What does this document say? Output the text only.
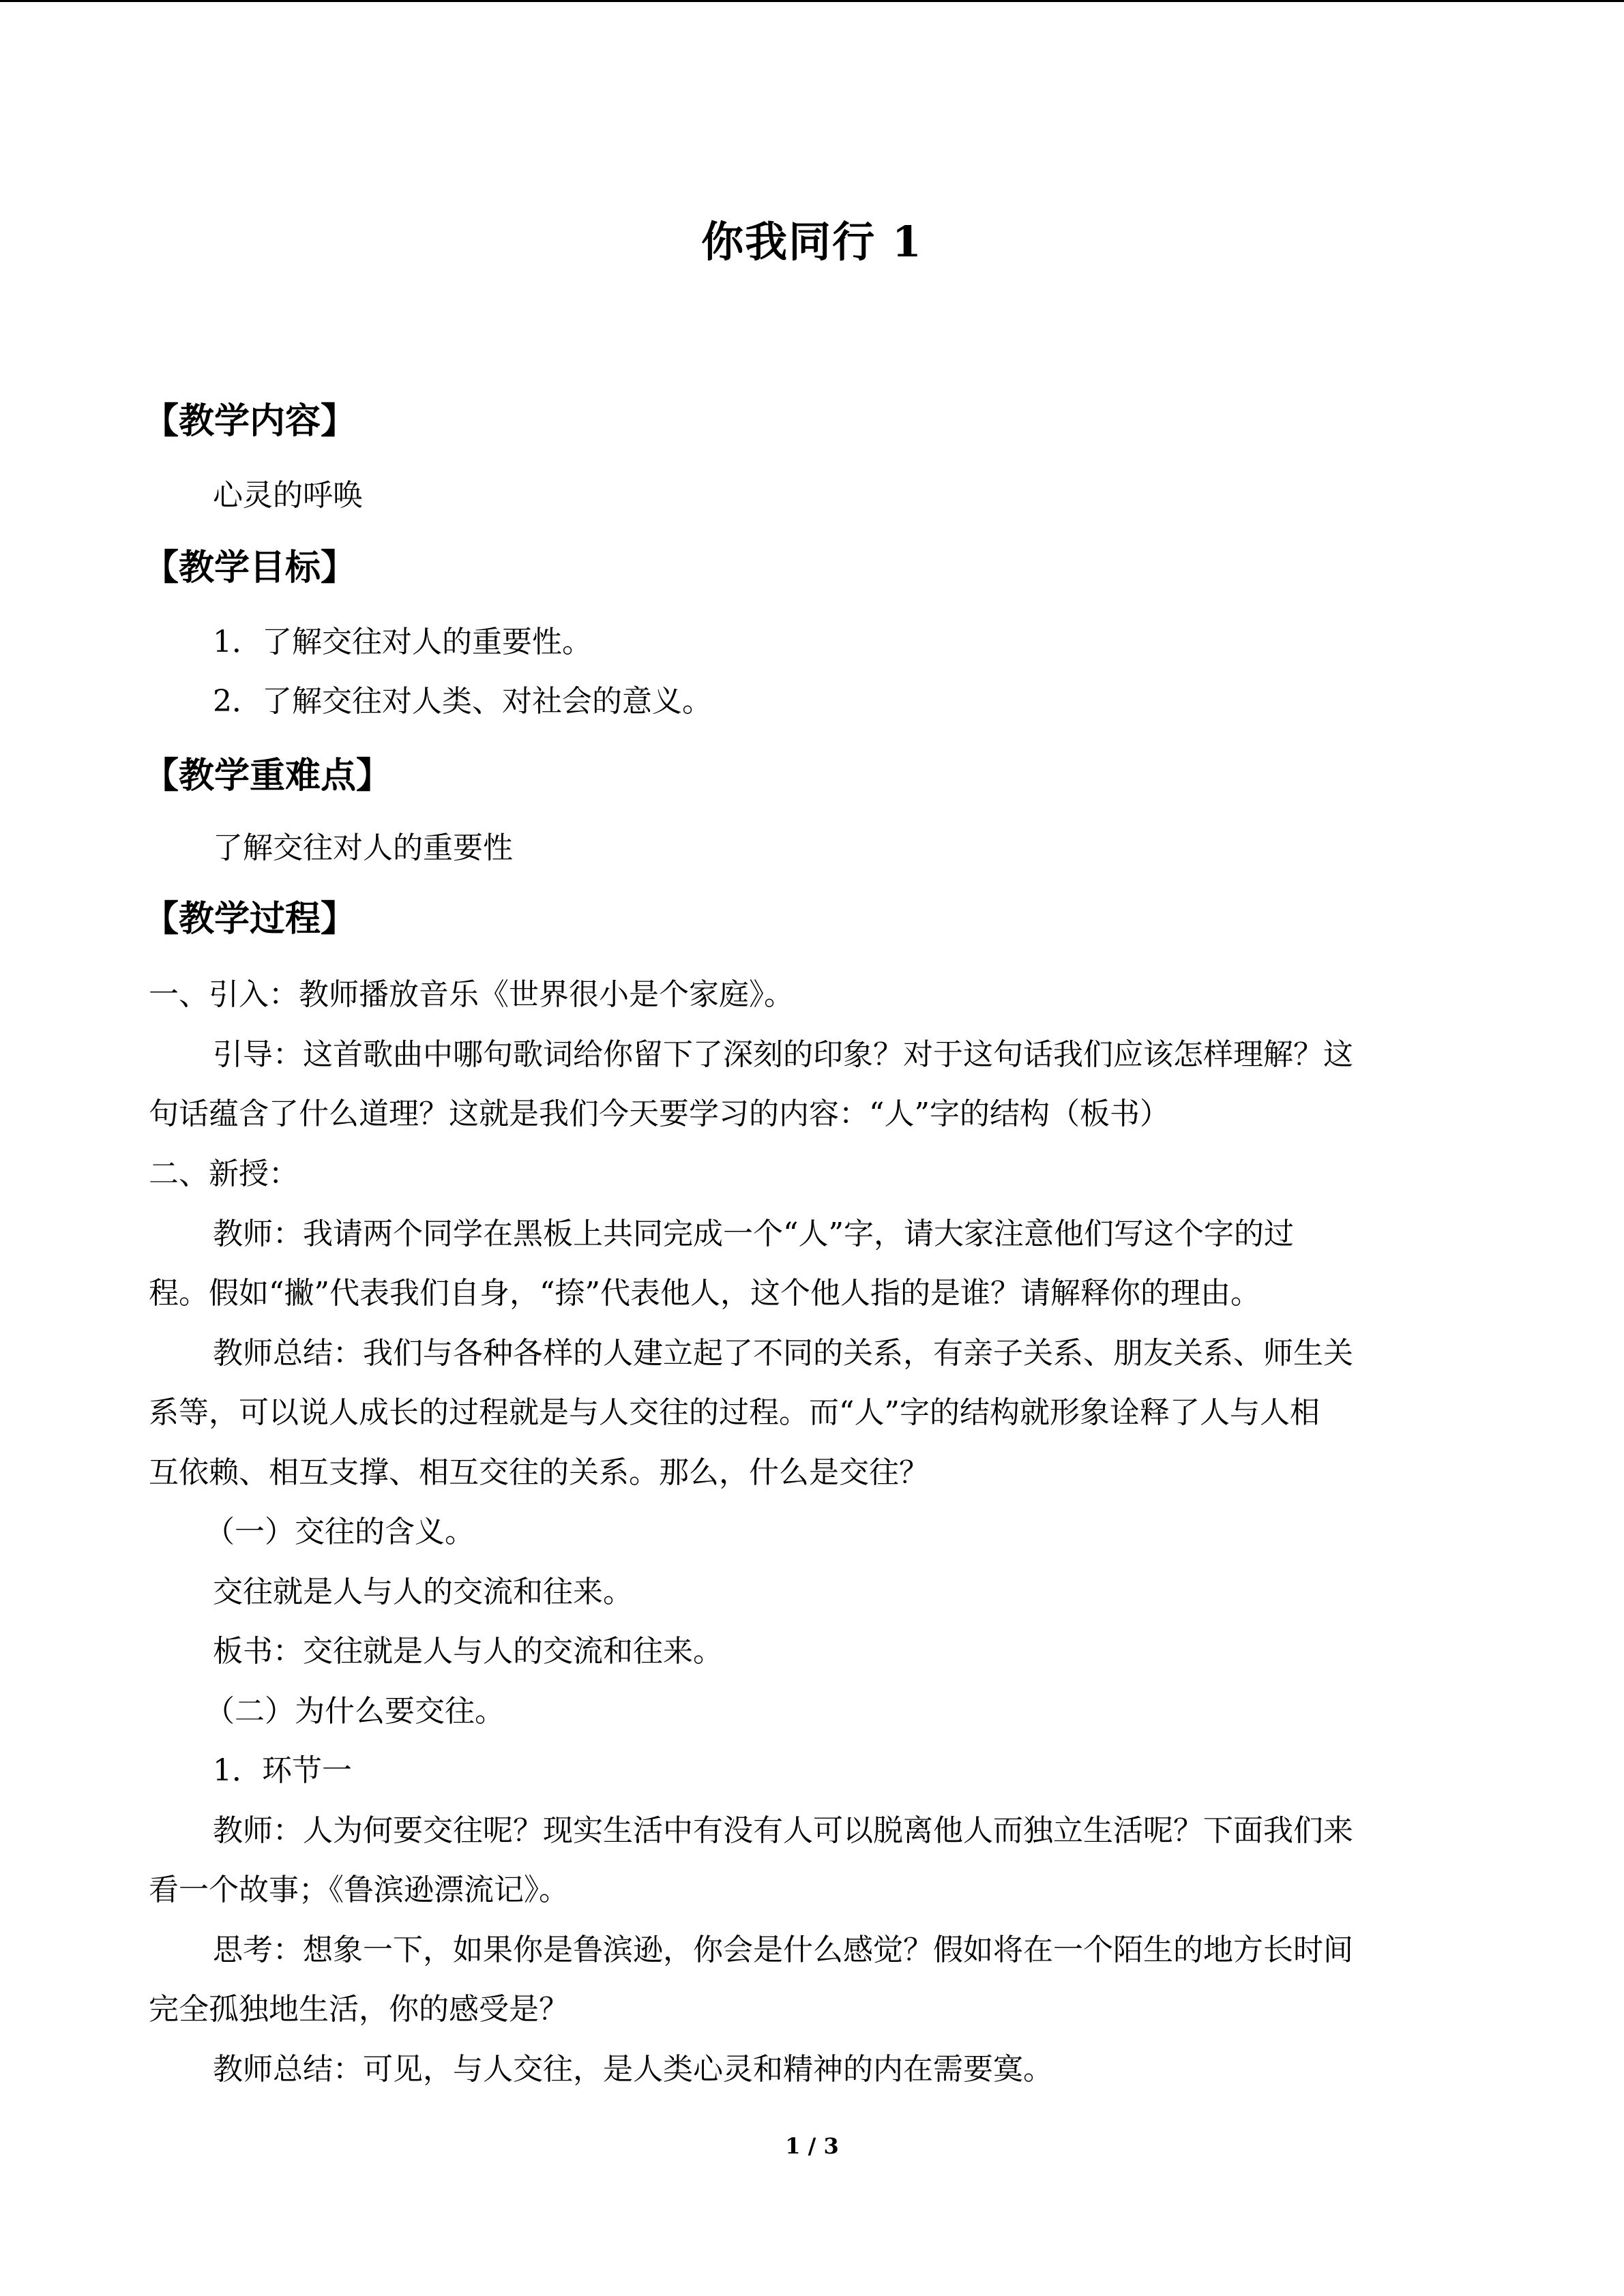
你我同行 1
【教学内容】
心灵的呼唤
【教学目标】
1．了解交往对人的重要性。
2．了解交往对人类、对社会的意义。
【教学重难点】
了解交往对人的重要性
【教学过程】
一、引入：教师播放音乐《世界很小是个家庭》。
引导：这首歌曲中哪句歌词给你留下了深刻的印象？对于这句话我们应该怎样理解？这
句话蕴含了什么道理？这就是我们今天要学习的内容：“人”字的结构（板书）
二、新授：
教师：我请两个同学在黑板上共同完成一个“人”字，请大家注意他们写这个字的过
程。假如“撇”代表我们自身，“捺”代表他人，这个他人指的是谁？请解释你的理由。
教师总结：我们与各种各样的人建立起了不同的关系，有亲子关系、朋友关系、师生关
系等，可以说人成长的过程就是与人交往的过程。而“人”字的结构就形象诠释了人与人相
互依赖、相互支撑、相互交往的关系。那么，什么是交往？
（一）交往的含义。
交往就是人与人的交流和往来。
板书：交往就是人与人的交流和往来。
（二）为什么要交往。
1．环节一
教师：人为何要交往呢？现实生活中有没有人可以脱离他人而独立生活呢？下面我们来
看一个故事；《鲁滨逊漂流记》。
思考：想象一下，如果你是鲁滨逊，你会是什么感觉？假如将在一个陌生的地方长时间
完全孤独地生活，你的感受是？
教师总结：可见，与人交往，是人类心灵和精神的内在需要寞。
1 / 3
